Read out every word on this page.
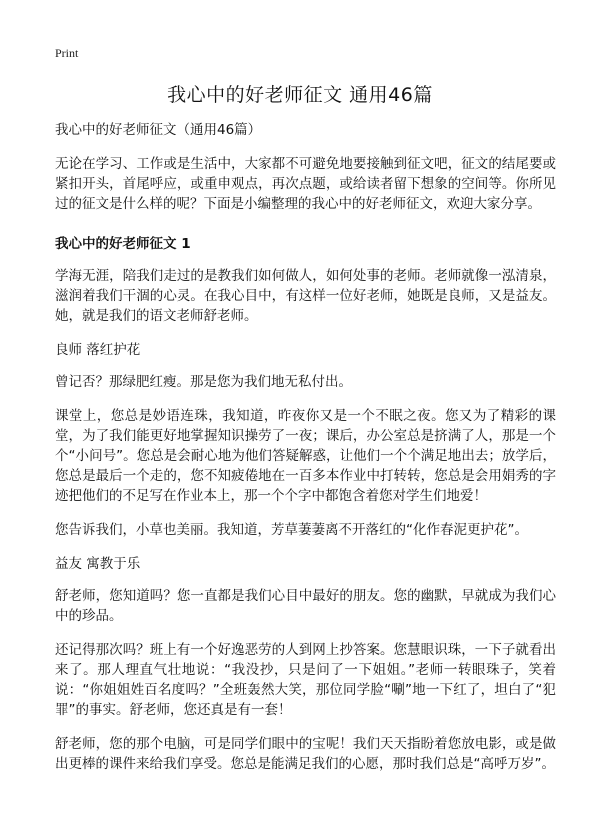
Print
我心中的好老师征文 通用46篇

我心中的好老师征文（通用46篇）

无论在学习、工作或是生活中，大家都不可避免地要接触到征文吧，征文的结尾要或紧扣开头，首尾呼应，或重申观点，再次点题，或给读者留下想象的空间等。你所见过的征文是什么样的呢？下面是小编整理的我心中的好老师征文，欢迎大家分享。

我心中的好老师征文 1

学海无涯，陪我们走过的是教我们如何做人，如何处事的老师。老师就像一泓清泉，滋润着我们干涸的心灵。在我心目中，有这样一位好老师，她既是良师，又是益友。她，就是我们的语文老师舒老师。

良师 落红护花

曾记否？那绿肥红瘦。那是您为我们地无私付出。

课堂上，您总是妙语连珠，我知道，昨夜你又是一个不眠之夜。您又为了精彩的课堂，为了我们能更好地掌握知识操劳了一夜；课后，办公室总是挤满了人，那是一个个“小问号”。您总是会耐心地为他们答疑解惑，让他们一个个满足地出去；放学后，您总是最后一个走的，您不知疲倦地在一百多本作业中打转转，您总是会用娟秀的字迹把他们的不足写在作业本上，那一个个字中都饱含着您对学生们地爱！

您告诉我们，小草也美丽。我知道，芳草萋萋离不开落红的“化作春泥更护花”。

益友 寓教于乐

舒老师，您知道吗？您一直都是我们心目中最好的朋友。您的幽默，早就成为我们心中的珍品。

还记得那次吗？班上有一个好逸恶劳的人到网上抄答案。您慧眼识珠，一下子就看出来了。那人理直气壮地说：“我没抄，只是问了一下姐姐。”老师一转眼珠子，笑着说：“你姐姐姓百名度吗？”全班轰然大笑，那位同学脸“唰”地一下红了，坦白了“犯罪”的事实。舒老师，您还真是有一套！

舒老师，您的那个电脑，可是同学们眼中的宝呢！我们天天指盼着您放电影，或是做出更棒的课件来给我们享受。您总是能满足我们的心愿，那时我们总是“高呼万岁”。
